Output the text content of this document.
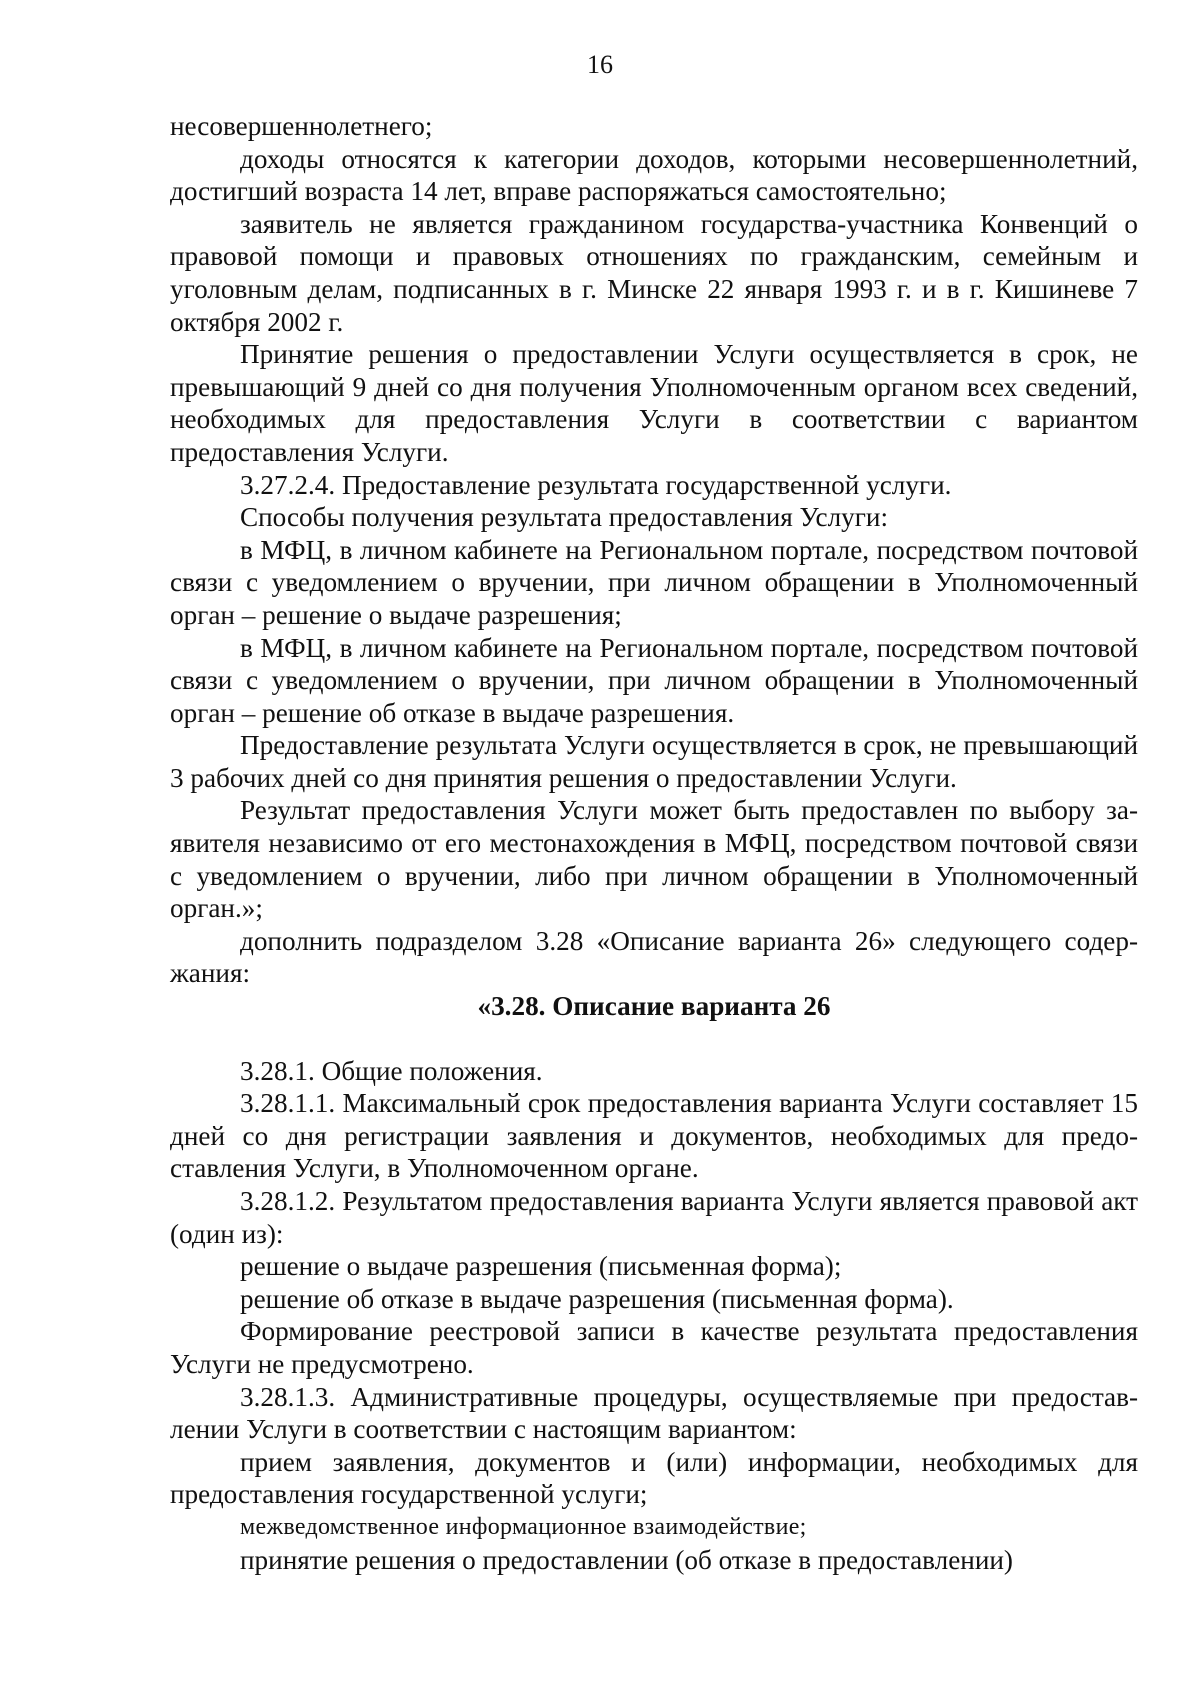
16

несовершеннолетнего;

доходы относятся к категории доходов, которыми несовершеннолетний, достигший возраста 14 лет, вправе распоряжаться самостоятельно;

заявитель не является гражданином государства-участника Конвенций о правовой помощи и правовых отношениях по гражданским, семейным и уголовным делам, подписанных в г. Минске 22 января 1993 г. и в г. Кишиневе 7 октября 2002 г.

Принятие решения о предоставлении Услуги осуществляется в срок, не превышающий 9 дней со дня получения Уполномоченным органом всех сведений, необходимых для предоставления Услуги в соответствии с вариантом предоставления Услуги.

3.27.2.4. Предоставление результата государственной услуги.

Способы получения результата предоставления Услуги:

в МФЦ, в личном кабинете на Региональном портале, посредством почтовой связи с уведомлением о вручении, при личном обращении в Уполномоченный орган – решение о выдаче разрешения;

в МФЦ, в личном кабинете на Региональном портале, посредством почтовой связи с уведомлением о вручении, при личном обращении в Уполномоченный орган – решение об отказе в выдаче разрешения.

Предоставление результата Услуги осуществляется в срок, не превышающий 3 рабочих дней со дня принятия решения о предоставлении Услуги.

Результат предоставления Услуги может быть предоставлен по выбору заявителя независимо от его местонахождения в МФЦ, посредством почтовой связи с уведомлением о вручении, либо при личном обращении в Уполномоченный орган.»;

дополнить подразделом 3.28 «Описание варианта 26» следующего содержания:

«3.28. Описание варианта 26

3.28.1. Общие положения.

3.28.1.1. Максимальный срок предоставления варианта Услуги составляет 15 дней со дня регистрации заявления и документов, необходимых для предоставления Услуги, в Уполномоченном органе.

3.28.1.2. Результатом предоставления варианта Услуги является правовой акт (один из):

решение о выдаче разрешения (письменная форма);

решение об отказе в выдаче разрешения (письменная форма).

Формирование реестровой записи в качестве результата предоставления Услуги не предусмотрено.

3.28.1.3. Административные процедуры, осуществляемые при предоставлении Услуги в соответствии с настоящим вариантом:

прием заявления, документов и (или) информации, необходимых для предоставления государственной услуги;

межведомственное информационное взаимодействие;

принятие решения о предоставлении (об отказе в предоставлении)
